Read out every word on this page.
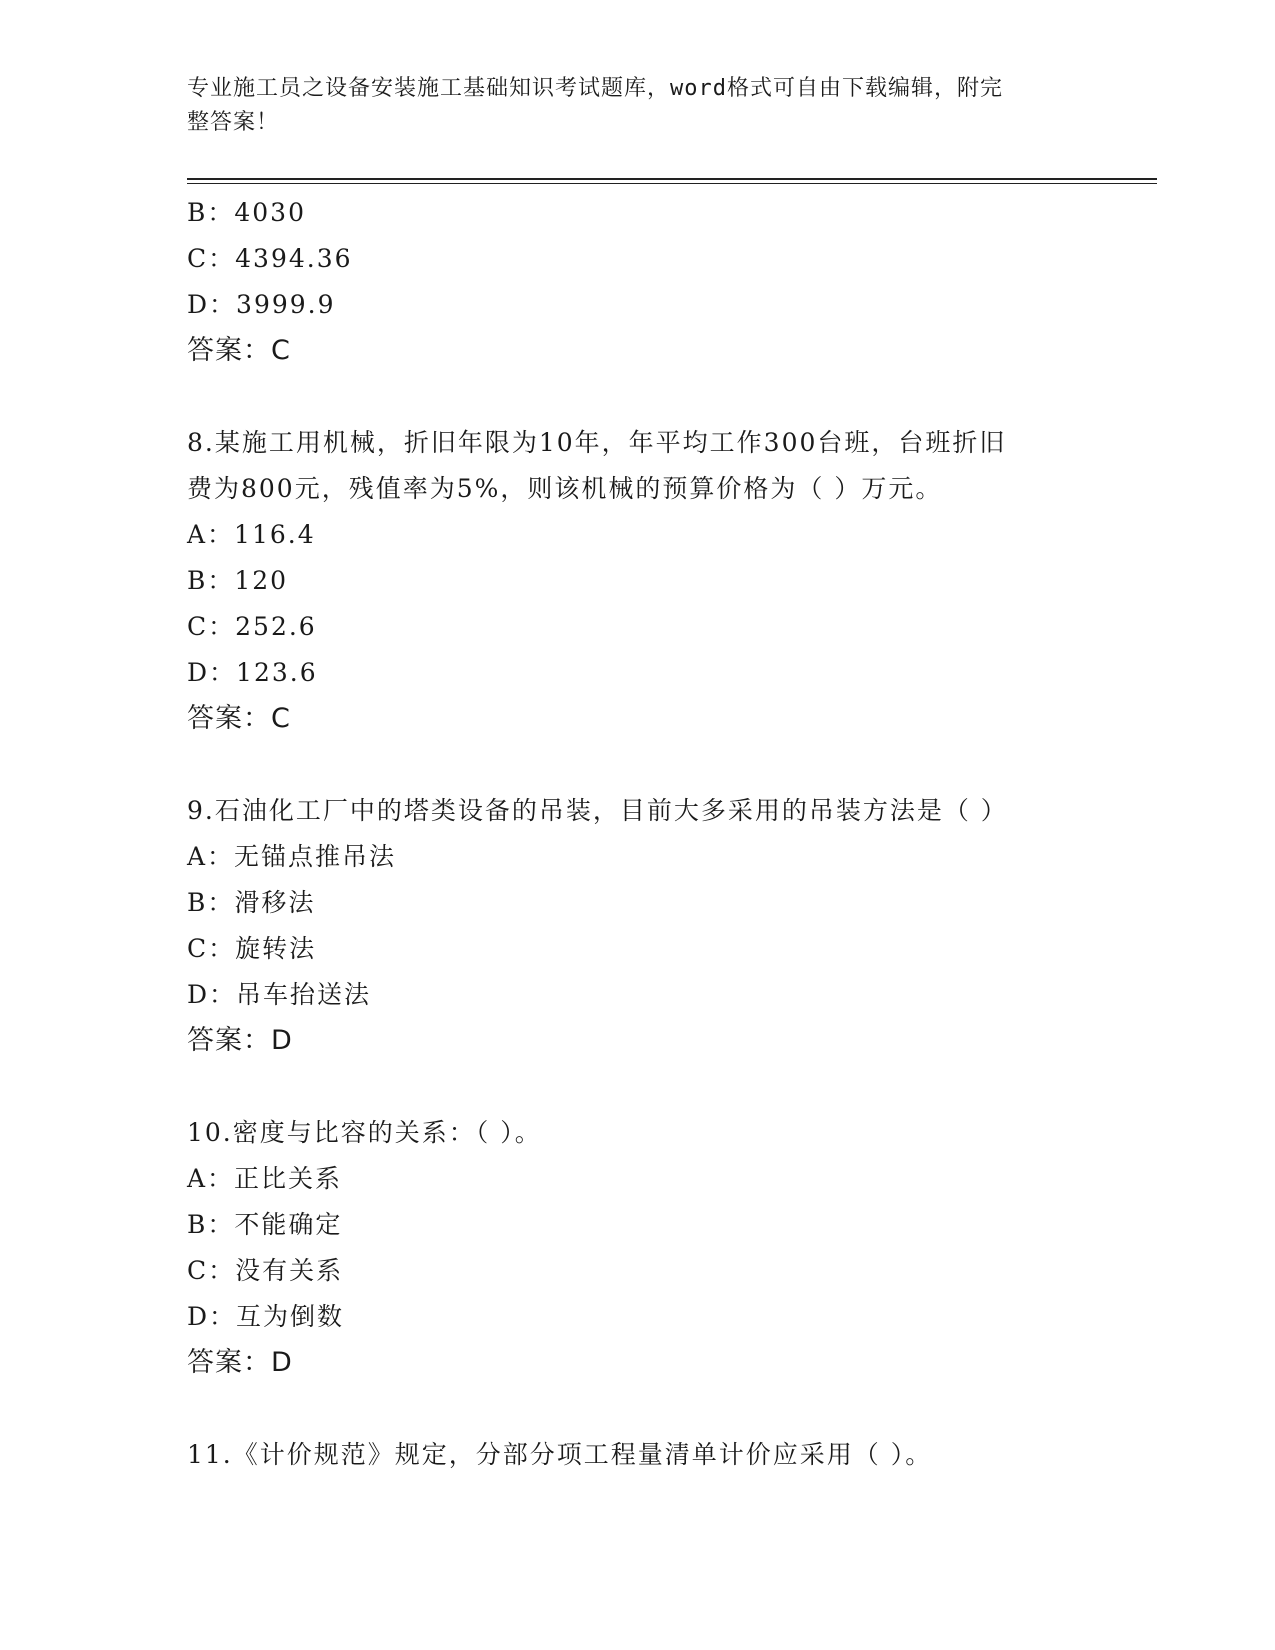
专业施工员之设备安装施工基础知识考试题库，word格式可自由下载编辑，附完
整答案！
B：4030
C：4394.36
D：3999.9
答案：C
8.某施工用机械，折旧年限为10年，年平均工作300台班，台班折旧
费为800元，残值率为5%，则该机械的预算价格为（ ）万元。
A：116.4
B：120
C：252.6
D：123.6
答案：C
9.石油化工厂中的塔类设备的吊装，目前大多采用的吊装方法是（ ）
A：无锚点推吊法
B：滑移法
C：旋转法
D：吊车抬送法
答案：D
10.密度与比容的关系：（ ）。
A：正比关系
B：不能确定
C：没有关系
D：互为倒数
答案：D
11.《计价规范》规定，分部分项工程量清单计价应采用（ ）。
